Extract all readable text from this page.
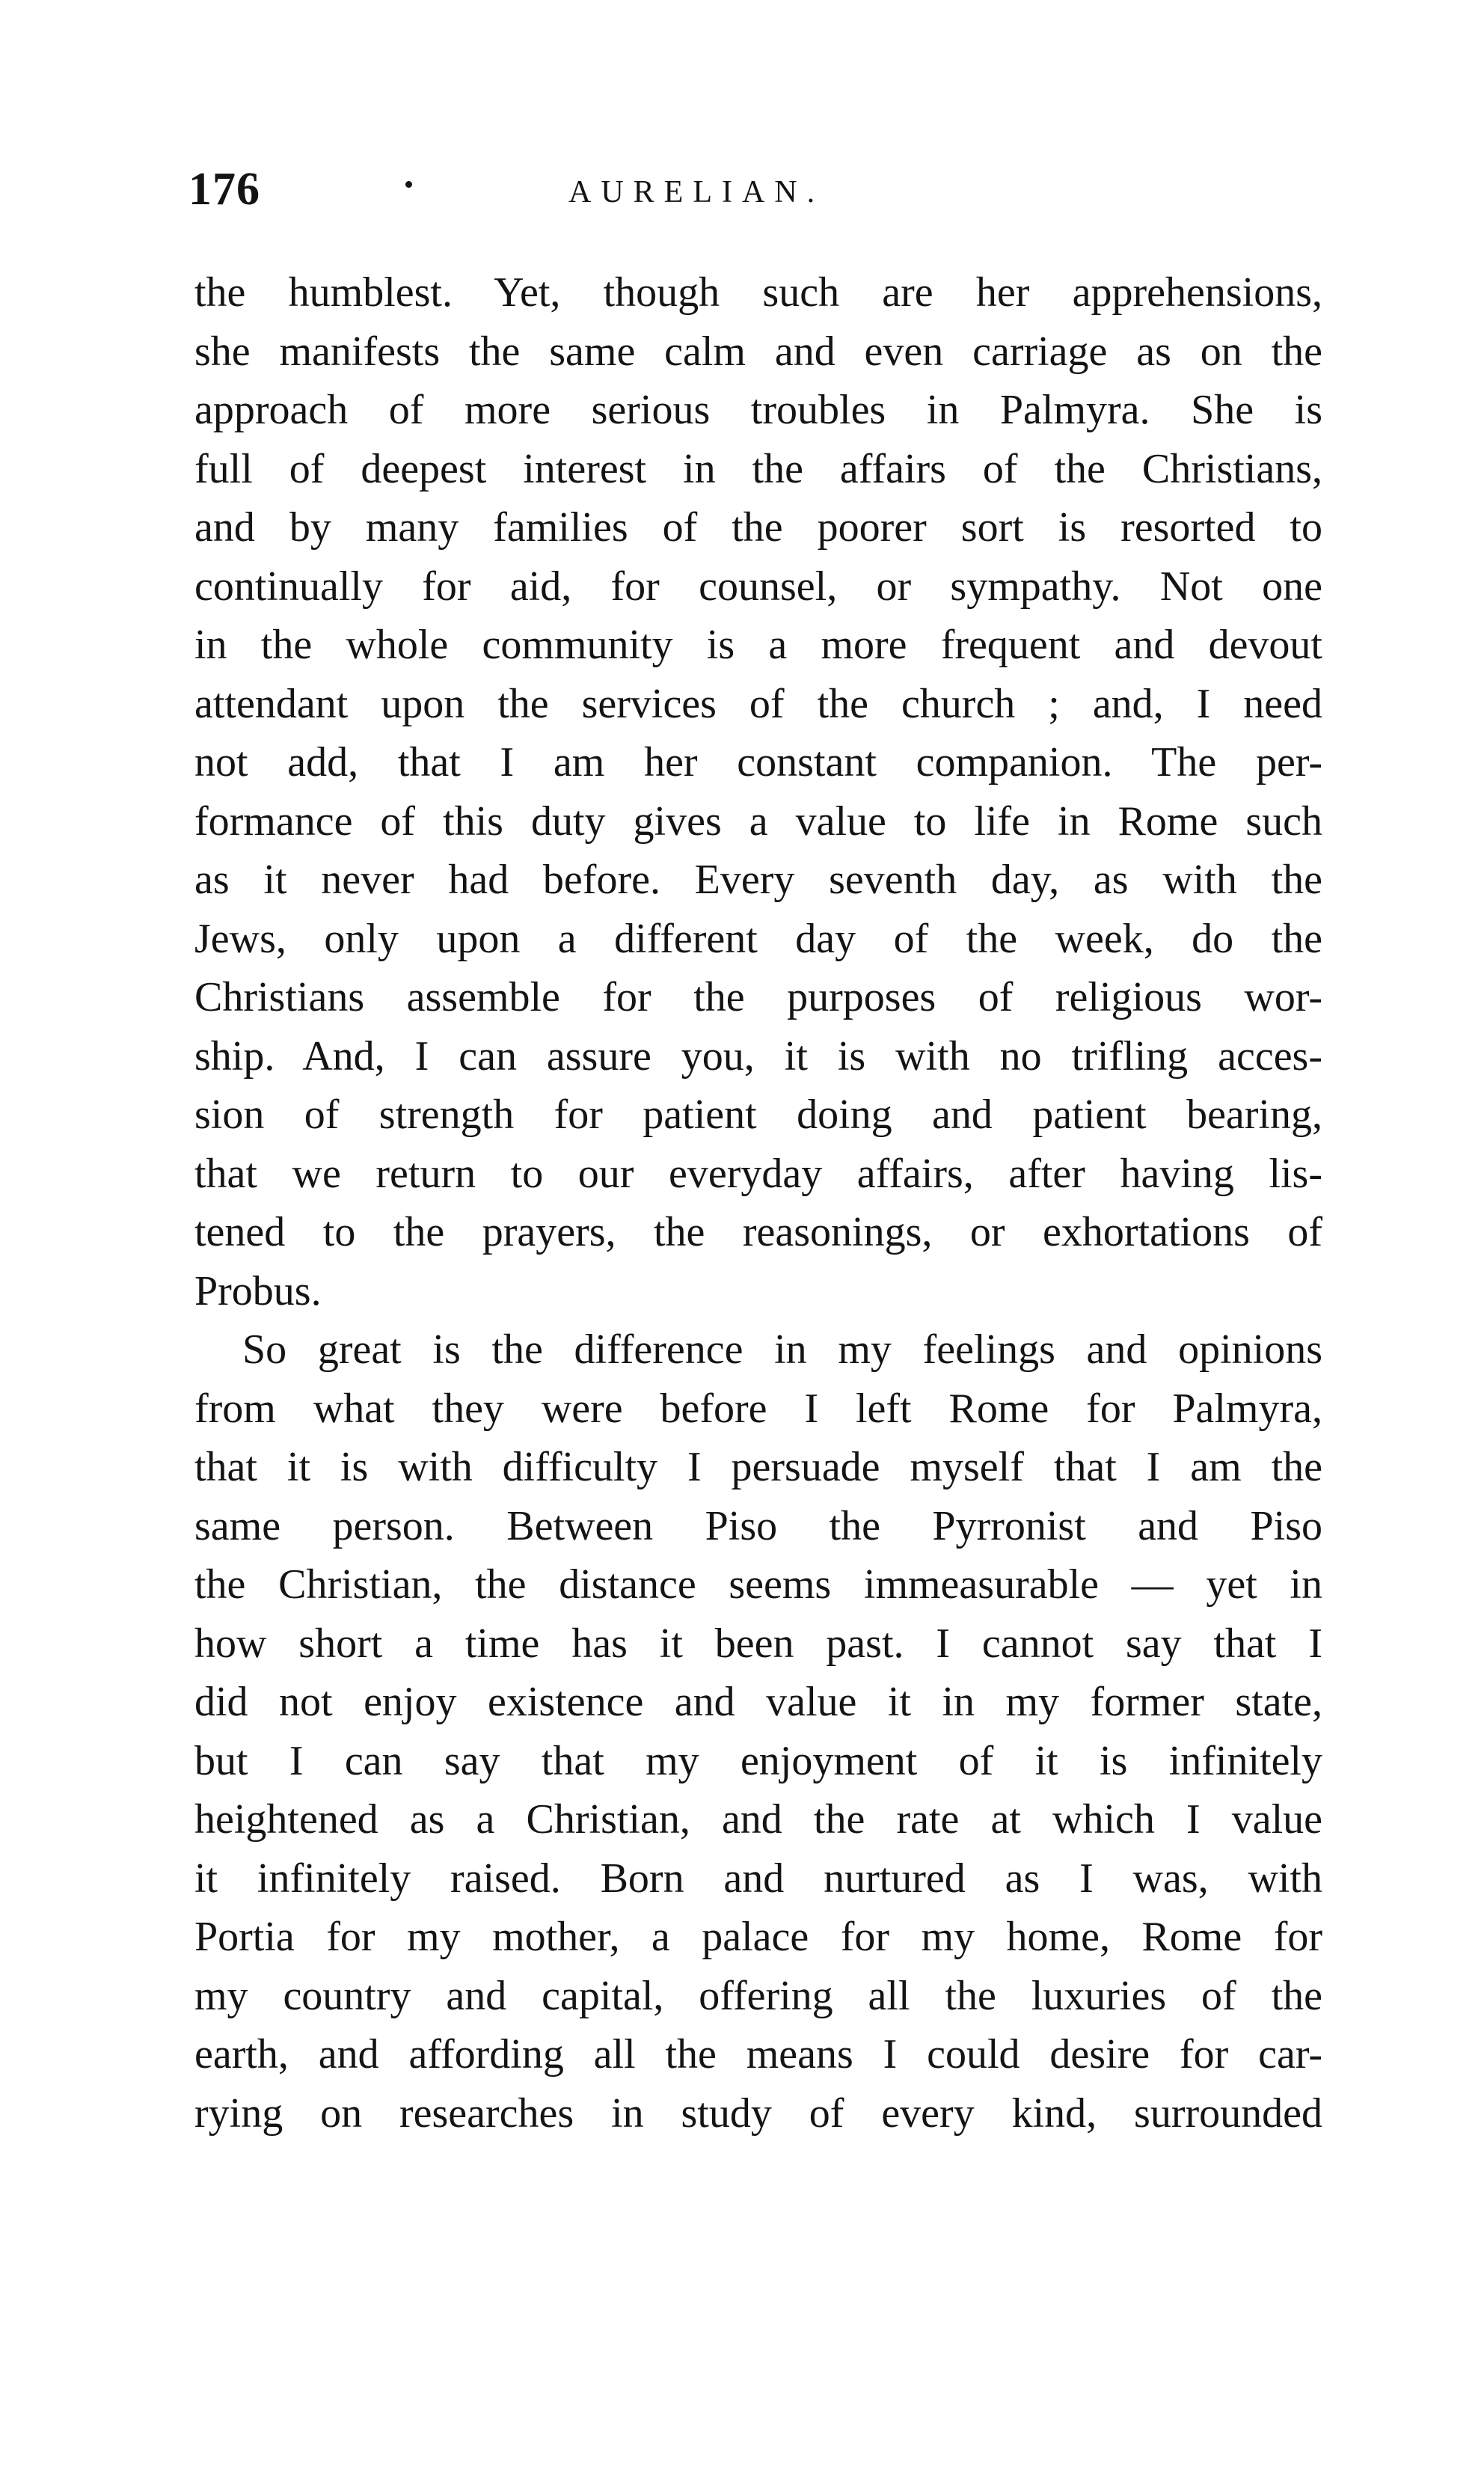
176	AURELIAN.
the humblest. Yet, though such are her apprehensions,
she manifests the same calm and even carriage as on the
approach of more serious troubles in Palmyra. She is
full of deepest interest in the affairs of the Christians,
and by many families of the poorer sort is resorted to
continually for aid, for counsel, or sympathy. Not one
in the whole community is a more frequent and devout
attendant upon the services of the church ; and, I need
not add, that I am her constant companion. The per-
formance of this duty gives a value to life in Rome such
as it never had before. Every seventh day, as with the
Jews, only upon a different day of the week, do the
Christians assemble for the purposes of religious wor-
ship. And, I can assure you, it is with no trifling acces-
sion of strength for patient doing and patient bearing,
that we return to our everyday affairs, after having lis-
tened to the prayers, the reasonings, or exhortations of
Probus.
So great is the difference in my feelings and opinions
from what they were before I left Rome for Palmyra,
that it is with difficulty I persuade myself that I am the
same person. Between Piso the Pyrronist and Piso
the Christian, the distance seems immeasurable — yet in
how short a time has it been past. I cannot say that I
did not enjoy existence and value it in my former state,
but I can say that my enjoyment of it is infinitely
heightened as a Christian, and the rate at which I value
it infinitely raised. Born and nurtured as I was, with
Portia for my mother, a palace for my home, Rome for
my country and capital, offering all the luxuries of the
earth, and affording all the means I could desire for car-
rying on researches in study of every kind, surrounded
